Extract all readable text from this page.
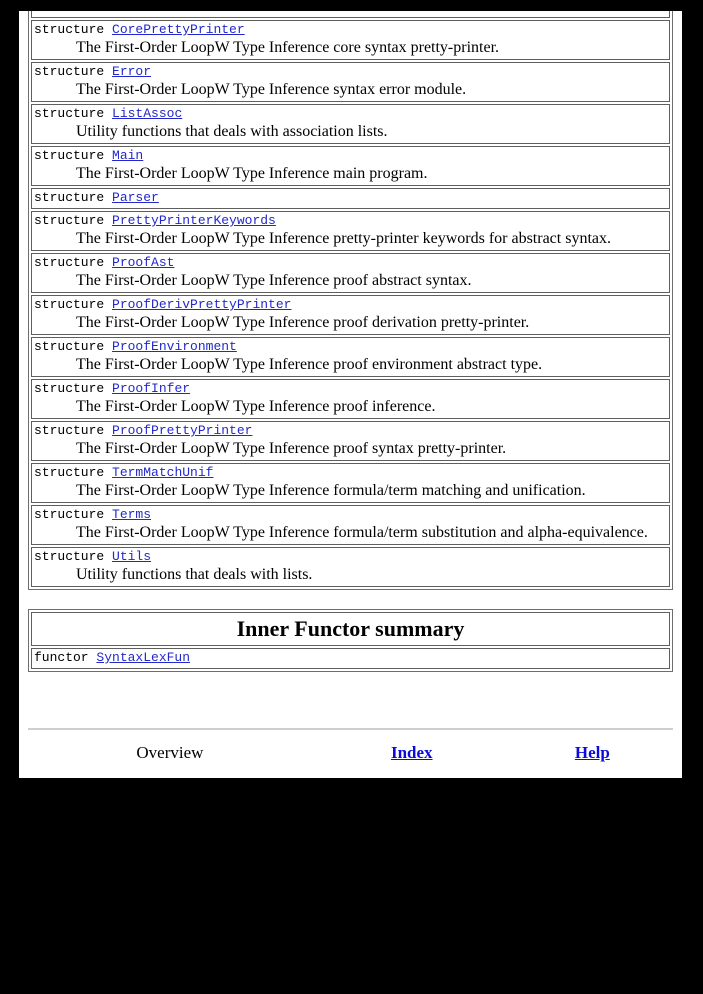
structure CorePrettyPrinter
The First-Order LoopW Type Inference core syntax pretty-printer.

structure Error
The First-Order LoopW Type Inference syntax error module.

structure ListAssoc
Utility functions that deals with association lists.

structure Main
The First-Order LoopW Type Inference main program.

structure Parser

structure PrettyPrinterKeywords
The First-Order LoopW Type Inference pretty-printer keywords for abstract syntax.

structure ProofAst
The First-Order LoopW Type Inference proof abstract syntax.

structure ProofDerivPrettyPrinter
The First-Order LoopW Type Inference proof derivation pretty-printer.

structure ProofEnvironment
The First-Order LoopW Type Inference proof environment abstract type.

structure ProofInfer
The First-Order LoopW Type Inference proof inference.

structure ProofPrettyPrinter
The First-Order LoopW Type Inference proof syntax pretty-printer.

structure TermMatchUnif
The First-Order LoopW Type Inference formula/term matching and unification.

structure Terms
The First-Order LoopW Type Inference formula/term substitution and alpha-equivalence.

structure Utils
Utility functions that deals with lists.
Inner Functor summary

functor SyntaxLexFun
Overview	Index	Help
